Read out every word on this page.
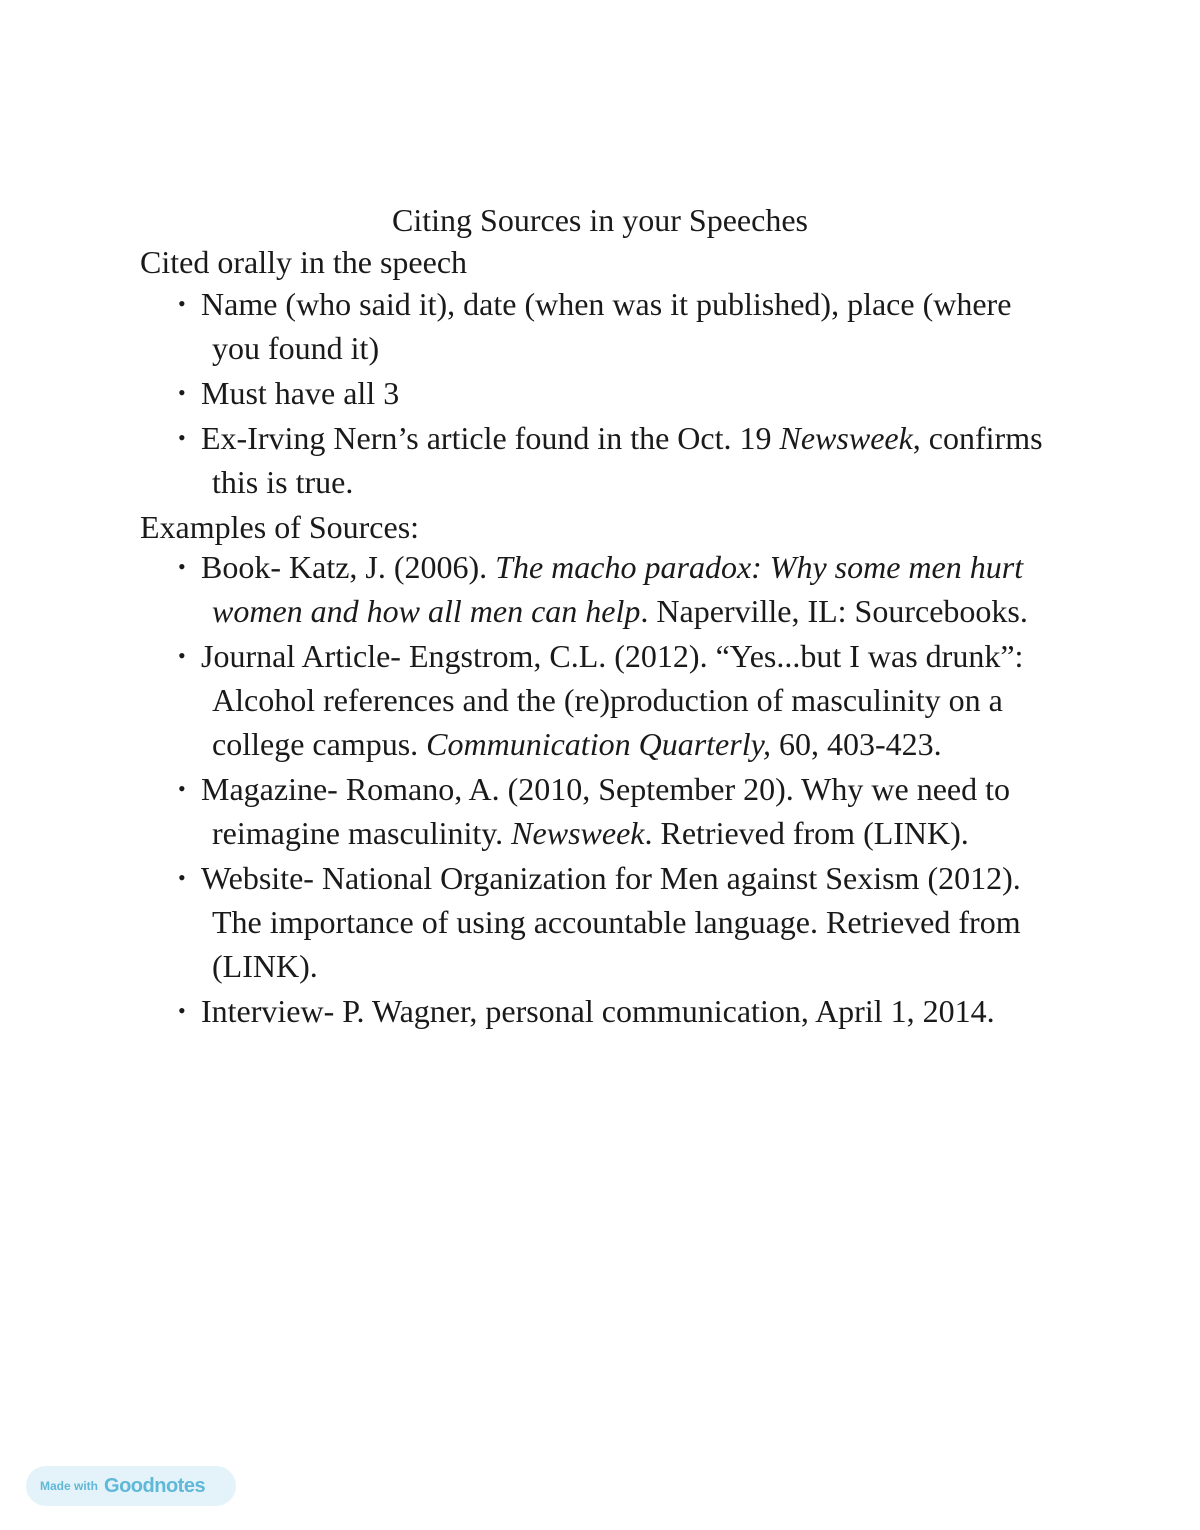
Citing Sources in your Speeches
Cited orally in the speech
• Name (who said it), date (when was it published), place (where you found it)
• Must have all 3
• Ex-Irving Nern’s article found in the Oct. 19 Newsweek, confirms this is true.
Examples of Sources:
• Book- Katz, J. (2006). The macho paradox: Why some men hurt women and how all men can help. Naperville, IL: Sourcebooks.
• Journal Article- Engstrom, C.L. (2012). “Yes...but I was drunk”: Alcohol references and the (re)production of masculinity on a college campus. Communication Quarterly, 60, 403-423.
• Magazine- Romano, A. (2010, September 20). Why we need to reimagine masculinity. Newsweek. Retrieved from (LINK).
• Website- National Organization for Men against Sexism (2012). The importance of using accountable language. Retrieved from (LINK).
• Interview- P. Wagner, personal communication, April 1, 2014.
Made with Goodnotes
